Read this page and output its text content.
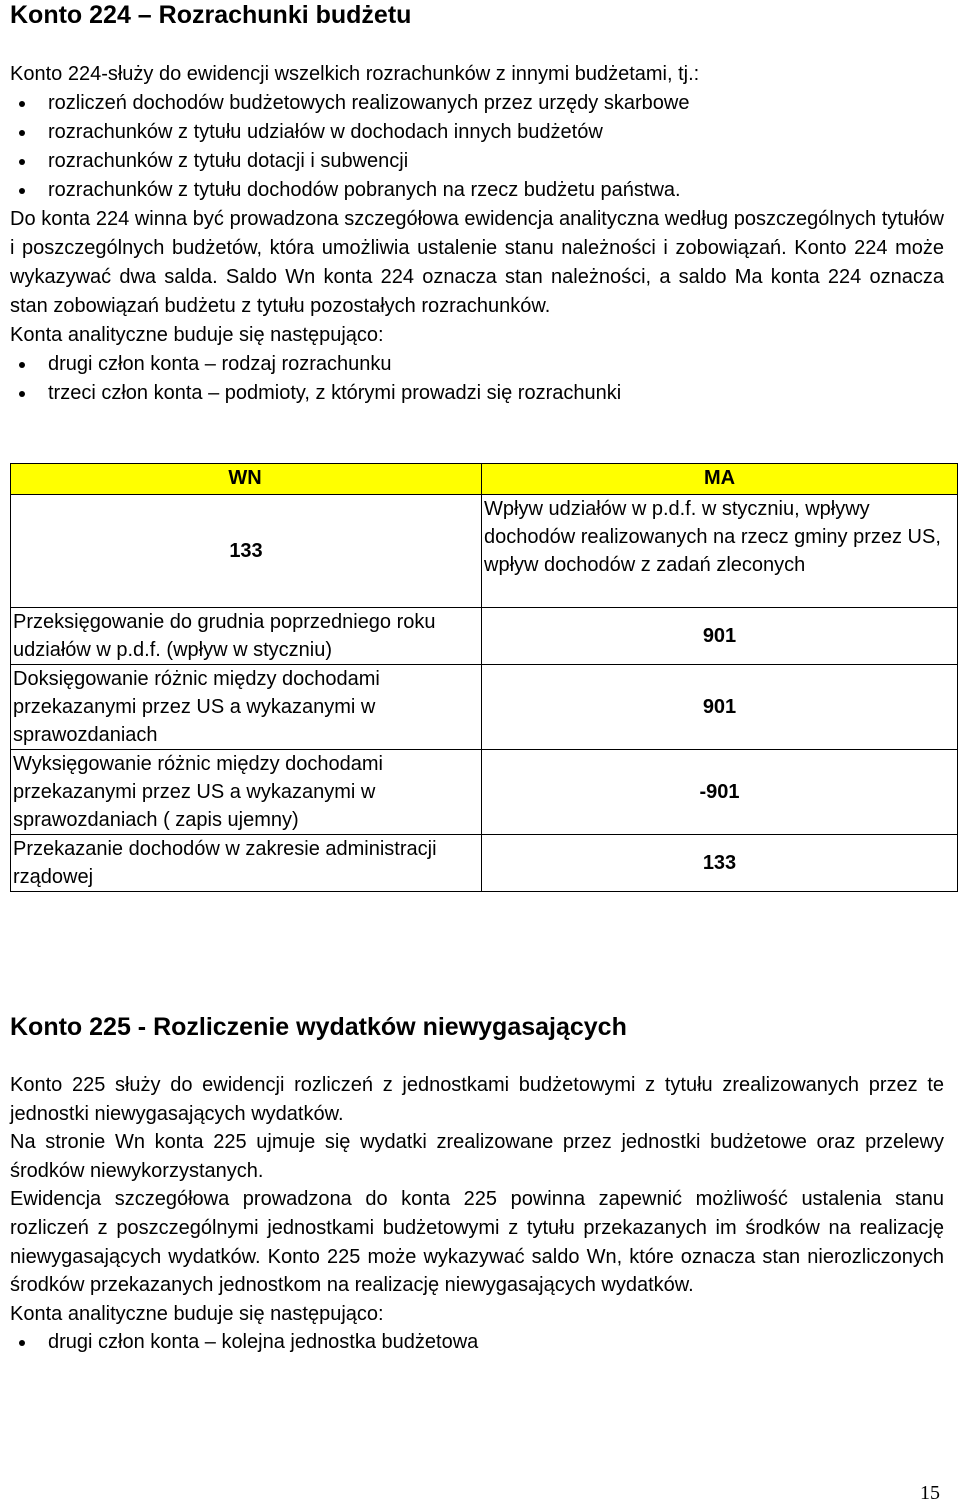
Konto 224 – Rozrachunki budżetu

Konto 224-służy do ewidencji wszelkich rozrachunków z innymi budżetami, tj.:

rozliczeń dochodów budżetowych realizowanych przez urzędy skarbowe
rozrachunków z tytułu udziałów w dochodach innych budżetów
rozrachunków z tytułu dotacji i subwencji
rozrachunków z tytułu dochodów pobranych na rzecz budżetu państwa.

Do konta 224 winna być prowadzona szczegółowa ewidencja analityczna według poszczególnych tytułów i poszczególnych budżetów, która umożliwia ustalenie stanu należności i zobowiązań. Konto 224 może wykazywać dwa salda. Saldo Wn konta 224 oznacza stan należności, a saldo Ma konta 224 oznacza stan zobowiązań budżetu z tytułu pozostałych rozrachunków.

Konta analityczne buduje się następująco:

drugi człon konta – rodzaj rozrachunku
trzeci człon konta – podmioty, z którymi prowadzi się rozrachunki
WN	MA
133	Wpływ udziałów w p.d.f. w styczniu, wpływy dochodów realizowanych na rzecz gminy przez US, wpływ dochodów z zadań zleconych
Przeksięgowanie do grudnia poprzedniego roku udziałów w p.d.f. (wpływ w styczniu)	901
Doksięgowanie różnic między dochodami przekazanymi przez US a wykazanymi w sprawozdaniach	901
Wyksięgowanie różnic między dochodami przekazanymi przez US a wykazanymi w sprawozdaniach ( zapis ujemny)	-901
Przekazanie dochodów w zakresie administracji rządowej	133
Konto 225 - Rozliczenie wydatków niewygasających

Konto 225 służy do ewidencji rozliczeń z jednostkami budżetowymi z tytułu zrealizowanych przez te jednostki niewygasających wydatków.

Na stronie Wn konta 225 ujmuje się wydatki zrealizowane przez jednostki budżetowe oraz przelewy środków niewykorzystanych.

Ewidencja szczegółowa prowadzona do konta 225 powinna zapewnić możliwość ustalenia stanu rozliczeń z poszczególnymi jednostkami budżetowymi z tytułu przekazanych im środków na realizację niewygasających wydatków. Konto 225 może wykazywać saldo Wn, które oznacza stan nierozliczonych środków przekazanych jednostkom na realizację niewygasających wydatków.

Konta analityczne buduje się następująco:

drugi człon konta – kolejna jednostka budżetowa
15
